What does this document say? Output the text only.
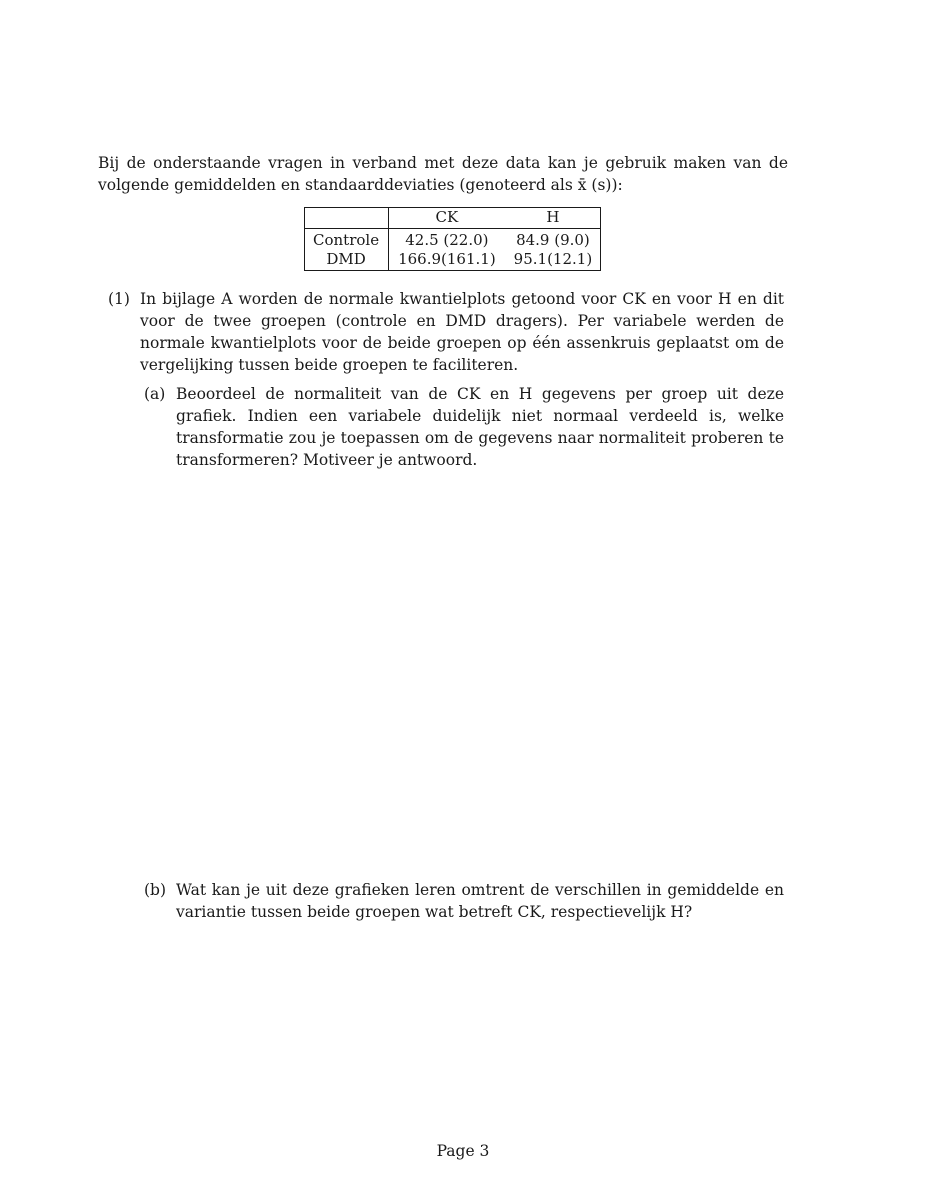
Bij de onderstaande vragen in verband met deze data kan je gebruik maken van de volgende gemiddelden en standaarddeviaties (genoteerd als x̄ (s)):

	CK	H
Controle	42.5 (22.0)	84.9 (9.0)
DMD	166.9(161.1)	95.1(12.1)
(1) In bijlage A worden de normale kwantielplots getoond voor CK en voor H en dit voor de twee groepen (controle en DMD dragers). Per variabele werden de normale kwantielplots voor de beide groepen op één assenkruis geplaatst om de vergelijking tussen beide groepen te faciliteren.
(a) Beoordeel de normaliteit van de CK en H gegevens per groep uit deze grafiek. Indien een variabele duidelijk niet normaal verdeeld is, welke transformatie zou je toepassen om de gegevens naar normaliteit proberen te transformeren? Motiveer je antwoord.
(b) Wat kan je uit deze grafieken leren omtrent de verschillen in gemiddelde en variantie tussen beide groepen wat betreft CK, respectievelijk H?
Page 3
